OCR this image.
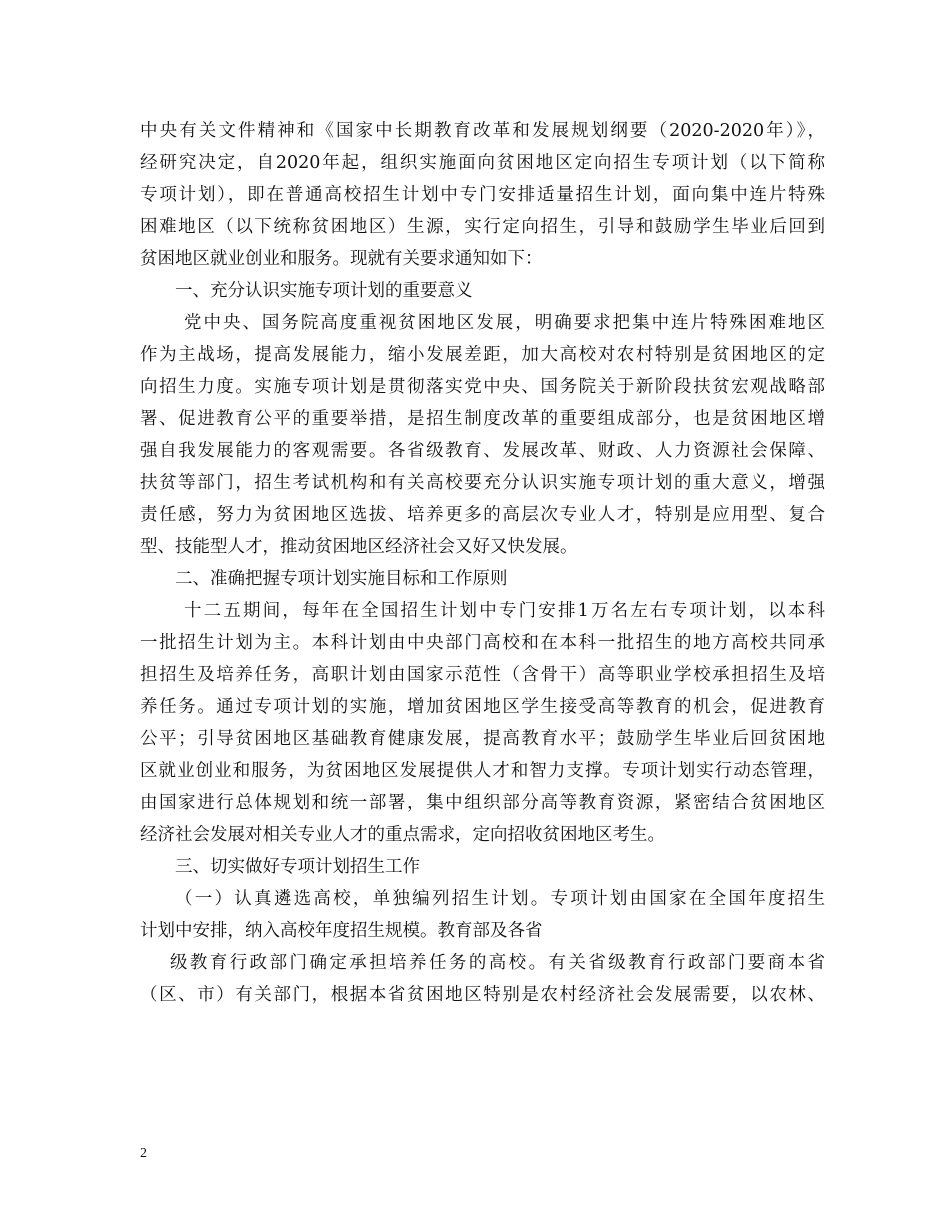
中央有关文件精神和《国家中长期教育改革和发展规划纲要（2020-2020年）》，
经研究决定，自2020年起，组织实施面向贫困地区定向招生专项计划（以下简称
专项计划），即在普通高校招生计划中专门安排适量招生计划，面向集中连片特殊
困难地区（以下统称贫困地区）生源，实行定向招生，引导和鼓励学生毕业后回到
贫困地区就业创业和服务。现就有关要求通知如下：
一、充分认识实施专项计划的重要意义
党中央、国务院高度重视贫困地区发展，明确要求把集中连片特殊困难地区
作为主战场，提高发展能力，缩小发展差距，加大高校对农村特别是贫困地区的定
向招生力度。实施专项计划是贯彻落实党中央、国务院关于新阶段扶贫宏观战略部
署、促进教育公平的重要举措，是招生制度改革的重要组成部分，也是贫困地区增
强自我发展能力的客观需要。各省级教育、发展改革、财政、人力资源社会保障、
扶贫等部门，招生考试机构和有关高校要充分认识实施专项计划的重大意义，增强
责任感，努力为贫困地区选拔、培养更多的高层次专业人才，特别是应用型、复合
型、技能型人才，推动贫困地区经济社会又好又快发展。
二、准确把握专项计划实施目标和工作原则
十二五期间，每年在全国招生计划中专门安排1万名左右专项计划，以本科
一批招生计划为主。本科计划由中央部门高校和在本科一批招生的地方高校共同承
担招生及培养任务，高职计划由国家示范性（含骨干）高等职业学校承担招生及培
养任务。通过专项计划的实施，增加贫困地区学生接受高等教育的机会，促进教育
公平；引导贫困地区基础教育健康发展，提高教育水平；鼓励学生毕业后回贫困地
区就业创业和服务，为贫困地区发展提供人才和智力支撑。专项计划实行动态管理，
由国家进行总体规划和统一部署，集中组织部分高等教育资源，紧密结合贫困地区
经济社会发展对相关专业人才的重点需求，定向招收贫困地区考生。
三、切实做好专项计划招生工作
（一）认真遴选高校，单独编列招生计划。专项计划由国家在全国年度招生
计划中安排，纳入高校年度招生规模。教育部及各省
级教育行政部门确定承担培养任务的高校。有关省级教育行政部门要商本省
（区、市）有关部门，根据本省贫困地区特别是农村经济社会发展需要，以农林、
2
